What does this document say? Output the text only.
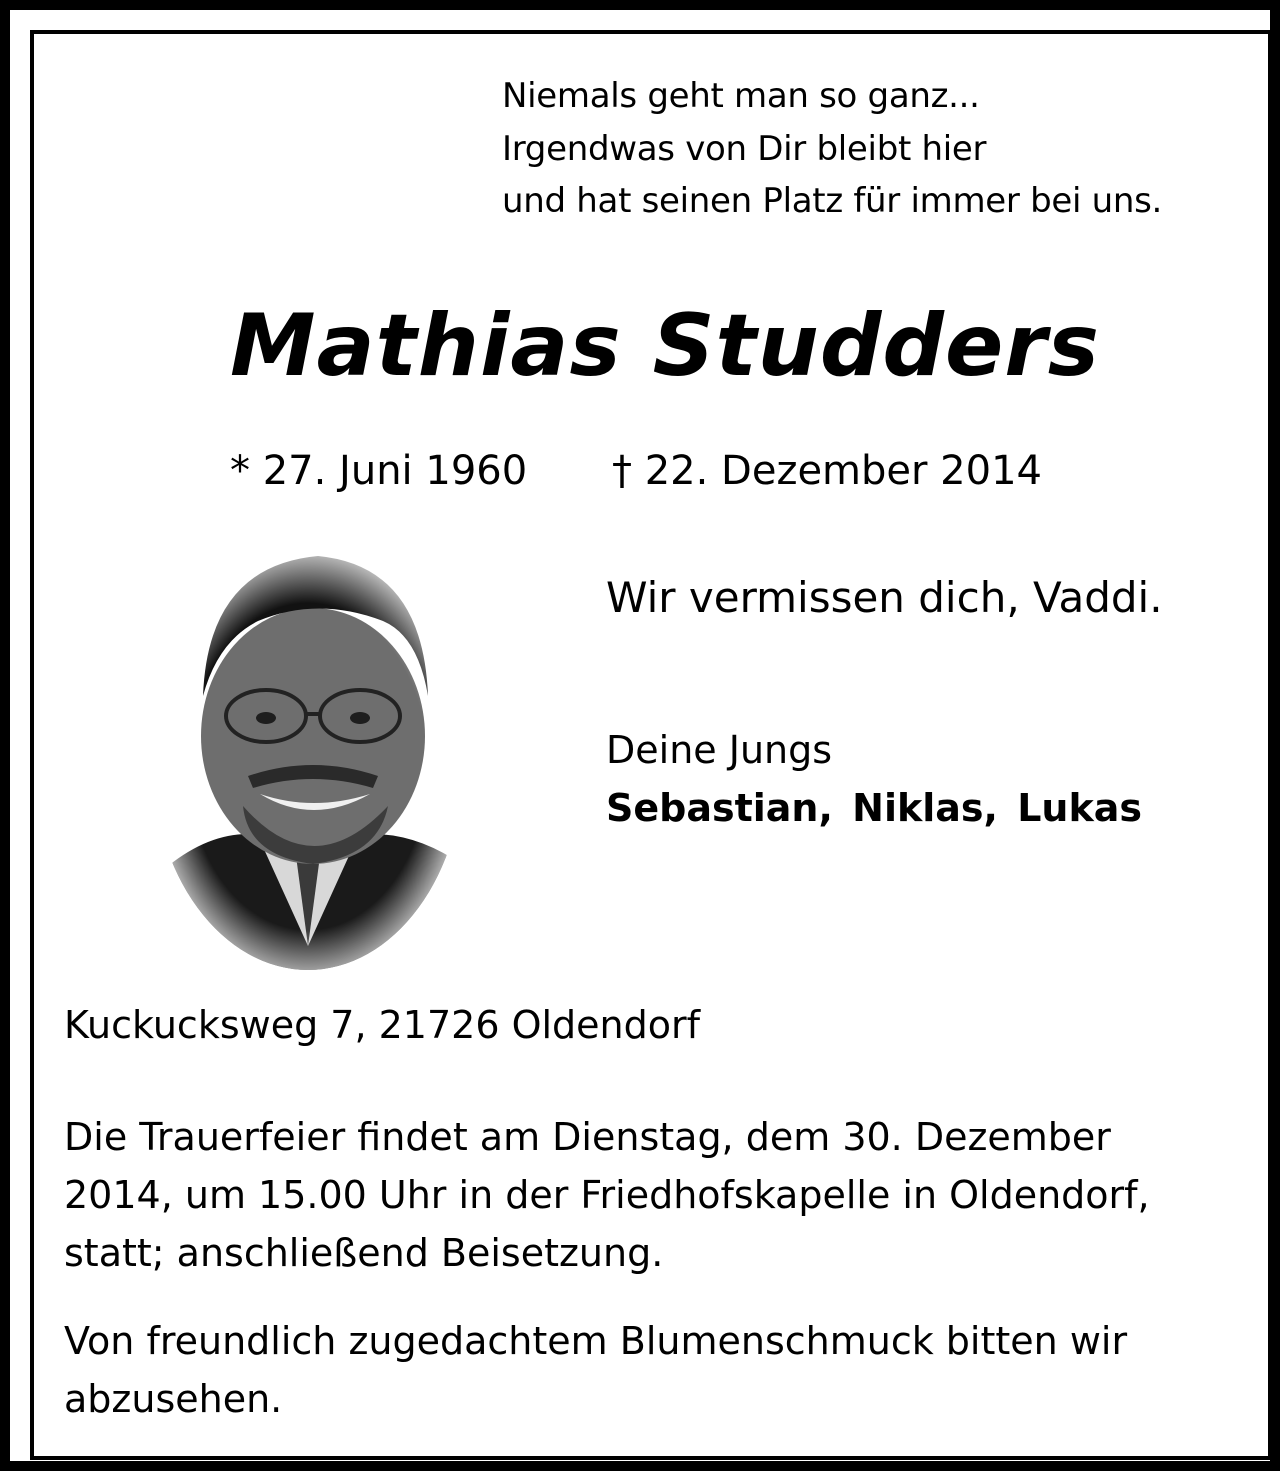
Niemals geht man so ganz...
Irgendwas von Dir bleibt hier
und hat seinen Platz für immer bei uns.
Mathias Studders
* 27. Juni 1960 † 22. Dezember 2014
Wir vermissen dich, Vaddi.
Deine Jungs
Sebastian, Niklas, Lukas
Kuckucksweg 7, 21726 Oldendorf
Die Trauerfeier findet am Dienstag, dem 30. Dezember
2014, um 15.00 Uhr in der Friedhofskapelle in Oldendorf,
statt; anschließend Beisetzung.
Von freundlich zugedachtem Blumenschmuck bitten wir
abzusehen.
